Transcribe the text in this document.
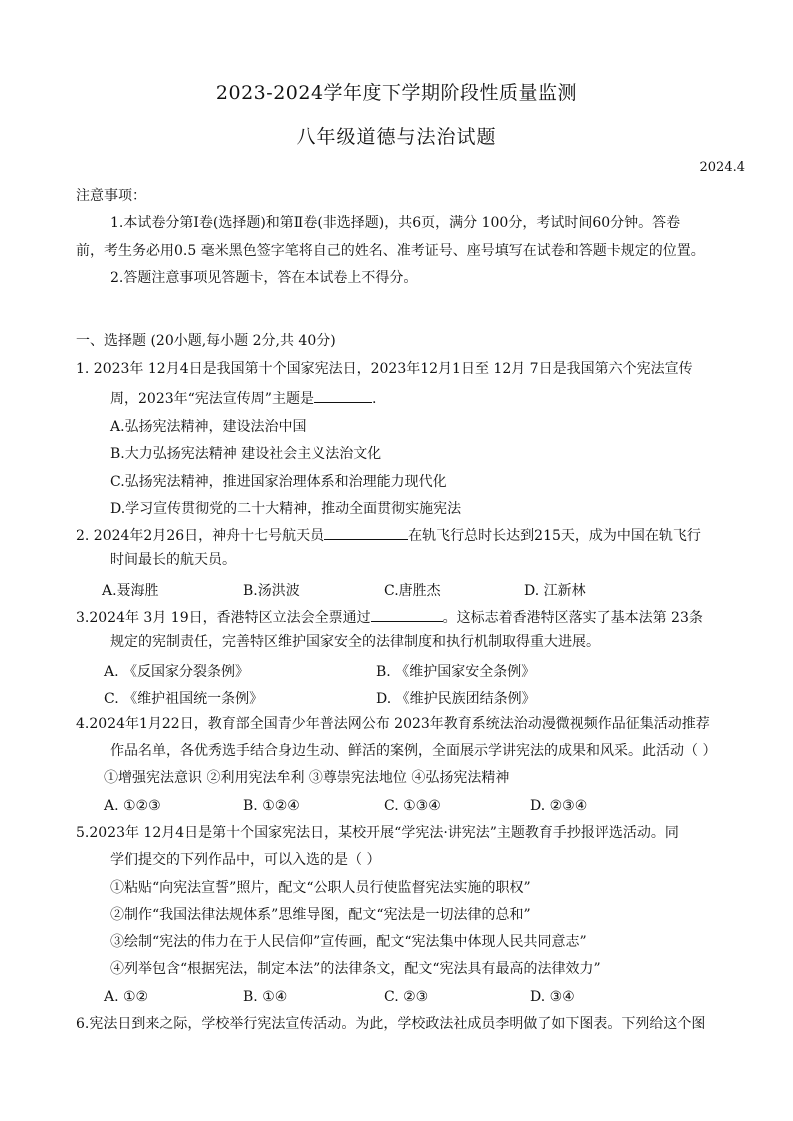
2023-2024学年度下学期阶段性质量监测
八年级道德与法治试题
2024.4
注意事项：
1.本试卷分第Ⅰ卷(选择题)和第Ⅱ卷(非选择题)，共6页，满分 100分，考试时间60分钟。答卷
前，考生务必用0.5 毫米黑色签字笔将自己的姓名、准考证号、座号填写在试卷和答题卡规定的位置。
2.答题注意事项见答题卡，答在本试卷上不得分。
一、选择题 (20小题,每小题 2分,共 40分)
1. 2023年 12月4日是我国第十个国家宪法日，2023年12月1日至 12月 7日是我国第六个宪法宣传
周，2023年“宪法宣传周”主题是	.
A.弘扬宪法精神，建设法治中国
B.大力弘扬宪法精神 建设社会主义法治文化
C.弘扬宪法精神，推进国家治理体系和治理能力现代化
D.学习宣传贯彻党的二十大精神，推动全面贯彻实施宪法
2. 2024年2月26日，神舟十七号航天员	在轨飞行总时长达到215天，成为中国在轨飞行
时间最长的航天员。
A.聂海胜	B.汤洪波	C.唐胜杰	D. 江新林
3.2024年 3月 19日，香港特区立法会全票通过	。这标志着香港特区落实了基本法第 23条
规定的宪制责任，完善特区维护国家安全的法律制度和执行机制取得重大进展。
A. 《反国家分裂条例》	B. 《维护国家安全条例》
C. 《维护祖国统一条例》	D. 《维护民族团结条例》
4.2024年1月22日，教育部全国青少年普法网公布 2023年教育系统法治动漫微视频作品征集活动推荐
作品名单，各优秀选手结合身边生动、鲜活的案例，全面展示学讲宪法的成果和风采。此活动（ ）
①增强宪法意识 ②利用宪法牟利 ③尊崇宪法地位 ④弘扬宪法精神
A. ①②③	B. ①②④	C. ①③④	D. ②③④
5.2023年 12月4日是第十个国家宪法日，某校开展“学宪法·讲宪法”主题教育手抄报评选活动。同
学们提交的下列作品中，可以入选的是（ ）
①粘贴“向宪法宣誓”照片，配文“公职人员行使监督宪法实施的职权”
②制作“我国法律法规体系”思维导图，配文“宪法是一切法律的总和”
③绘制“宪法的伟力在于人民信仰”宣传画，配文“宪法集中体现人民共同意志”
④列举包含“根据宪法，制定本法”的法律条文，配文“宪法具有最高的法律效力”
A. ①②	B. ①④	C. ②③	D. ③④
6.宪法日到来之际，学校举行宪法宣传活动。为此，学校政法社成员李明做了如下图表。下列给这个图
